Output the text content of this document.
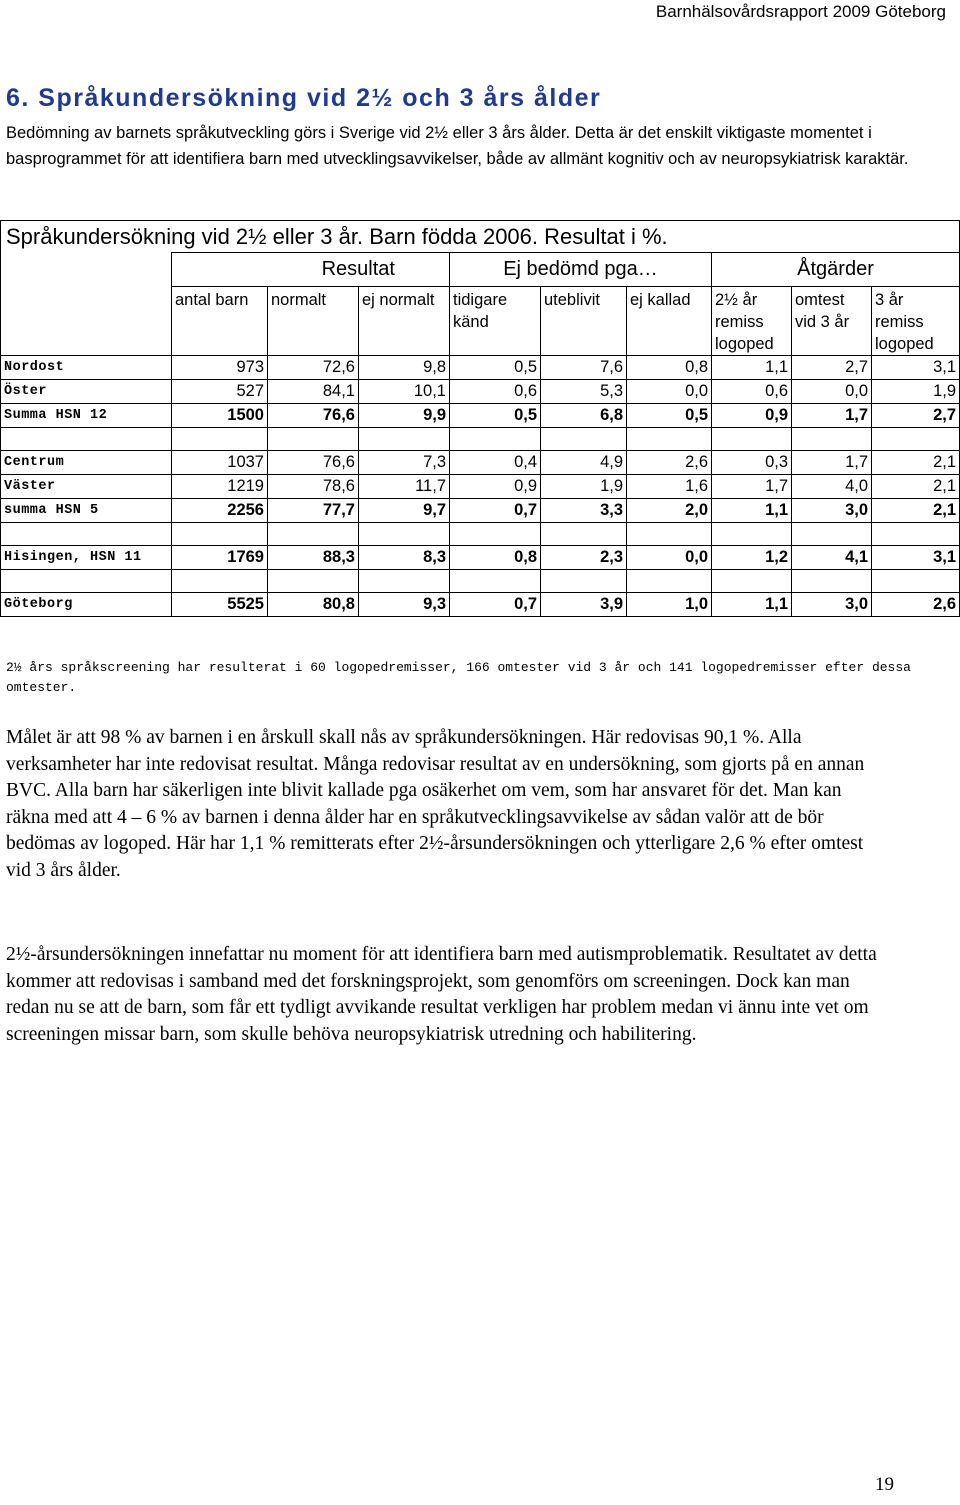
Barnhälsovårdsrapport 2009 Göteborg
6. Språkundersökning vid 2½ och 3 års ålder
Bedömning av barnets språkutveckling görs i Sverige vid 2½ eller 3 års ålder. Detta är det enskilt viktigaste momentet i basprogrammet för att identifiera barn med utvecklingsavvikelser, både av allmänt kognitiv och av neuropsykiatrisk karaktär.
Språkundersökning vid 2½ eller 3 år. Barn födda 2006. Resultat i %.									
		Resultat		Ej bedömd pga…			Åtgärder		
	antal barn	normalt	ej normalt	tidigare känd	uteblivit	ej kallad	2½ år remiss logoped	omtest vid 3 år	3 år remiss logoped
Nordost	973	72,6	9,8	0,5	7,6	0,8	1,1	2,7	3,1
Öster	527	84,1	10,1	0,6	5,3	0,0	0,6	0,0	1,9
Summa HSN 12	1500	76,6	9,9	0,5	6,8	0,5	0,9	1,7	2,7

Centrum	1037	76,6	7,3	0,4	4,9	2,6	0,3	1,7	2,1
Väster	1219	78,6	11,7	0,9	1,9	1,6	1,7	4,0	2,1
summa HSN 5	2256	77,7	9,7	0,7	3,3	2,0	1,1	3,0	2,1

Hisingen, HSN 11	1769	88,3	8,3	0,8	2,3	0,0	1,2	4,1	3,1

Göteborg	5525	80,8	9,3	0,7	3,9	1,0	1,1	3,0	2,6
2½ års språkscreening har resulterat i 60 logopedremisser, 166 omtester vid 3 år och 141 logopedremisser efter dessa omtester.

Målet är att 98 % av barnen i en årskull skall nås av språkundersökningen. Här redovisas 90,1 %. Alla verksamheter har inte redovisat resultat. Många redovisar resultat av en undersökning, som gjorts på en annan BVC. Alla barn har säkerligen inte blivit kallade pga osäkerhet om vem, som har ansvaret för det. Man kan räkna med att 4 – 6 % av barnen i denna ålder har en språkutvecklingsavvikelse av sådan valör att de bör bedömas av logoped. Här har 1,1 % remitterats efter 2½-årsundersökningen och ytterligare 2,6 % efter omtest vid 3 års ålder.

2½-årsundersökningen innefattar nu moment för att identifiera barn med autismproblematik. Resultatet av detta kommer att redovisas i samband med det forskningsprojekt, som genomförs om screeningen. Dock kan man redan nu se att de barn, som får ett tydligt avvikande resultat verkligen har problem medan vi ännu inte vet om screeningen missar barn, som skulle behöva neuropsykiatrisk utredning och habilitering.

19
